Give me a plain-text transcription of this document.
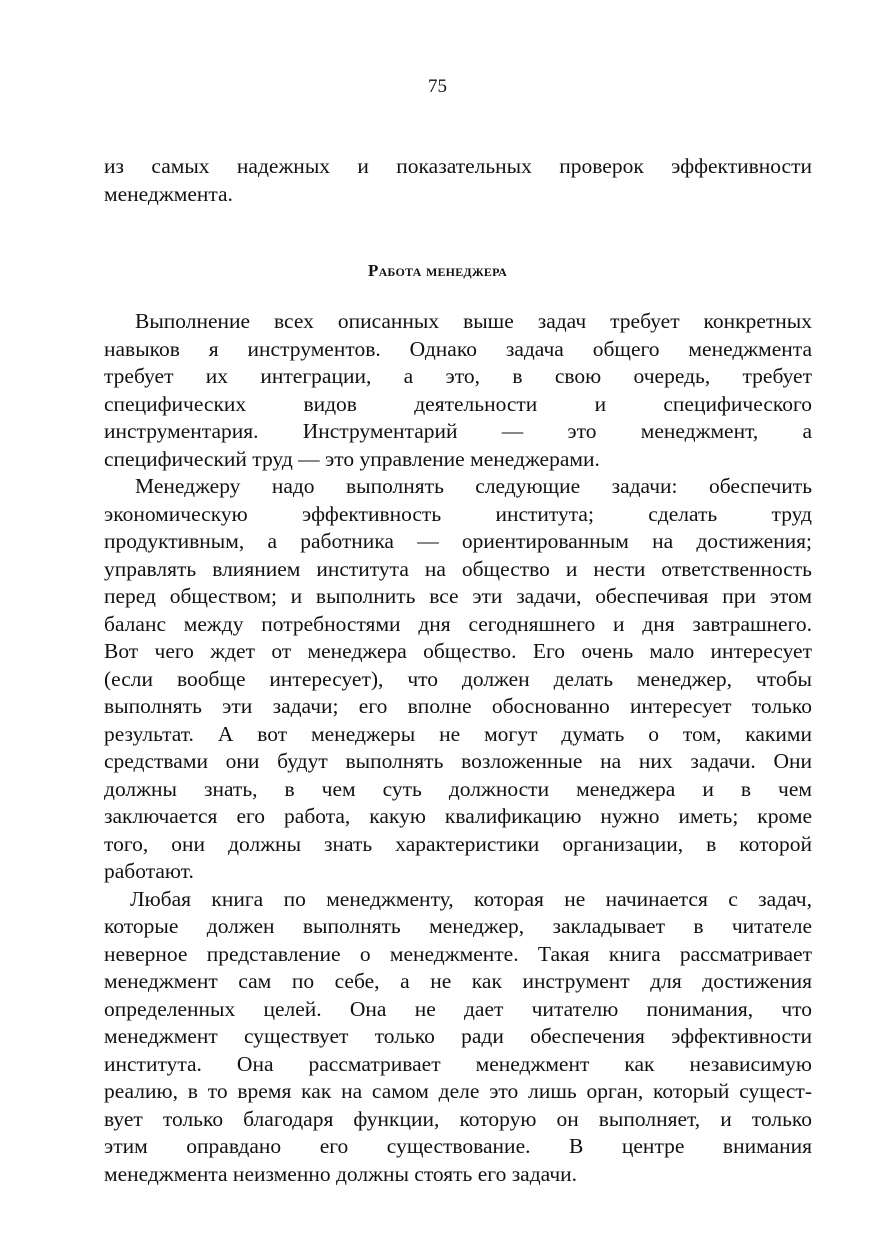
75
из самых надежных и показательных проверок эффективности
менеджмента.
Работа менеджера
Выполнение всех описанных выше задач требует конкретных
навыков я инструментов. Однако задача общего менеджмента
требует их интеграции, а это, в свою очередь, требует
специфических видов деятельности и специфического
инструментария. Инструментарий — это менеджмент, а
специфический труд — это управление менеджерами.
Менеджеру надо выполнять следующие задачи: обеспечить
экономическую эффективность института; сделать труд
продуктивным, а работника — ориентированным на достижения;
управлять влиянием института на общество и нести ответственность
перед обществом; и выполнить все эти задачи, обеспечивая при этом
баланс между потребностями дня сегодняшнего и дня завтрашнего.
Вот чего ждет от менеджера общество. Его очень мало интересует
(если вообще интересует), что должен делать менеджер, чтобы
выполнять эти задачи; его вполне обоснованно интересует только
результат. А вот менеджеры не могут думать о том, какими
средствами они будут выполнять возложенные на них задачи. Они
должны знать, в чем суть должности менеджера и в чем
заключается его работа, какую квалификацию нужно иметь; кроме
того, они должны знать характеристики организации, в которой
работают.
Любая книга по менеджменту, которая не начинается с задач,
которые должен выполнять менеджер, закладывает в читателе
неверное представление о менеджменте. Такая книга рассматривает
менеджмент сам по себе, а не как инструмент для достижения
определенных целей. Она не дает читателю понимания, что
менеджмент существует только ради обеспечения эффективности
института. Она рассматривает менеджмент как независимую
реалию, в то время как на самом деле это лишь орган, который сущест-
вует только благодаря функции, которую он выполняет, и только
этим оправдано его существование. В центре внимания
менеджмента неизменно должны стоять его задачи.
